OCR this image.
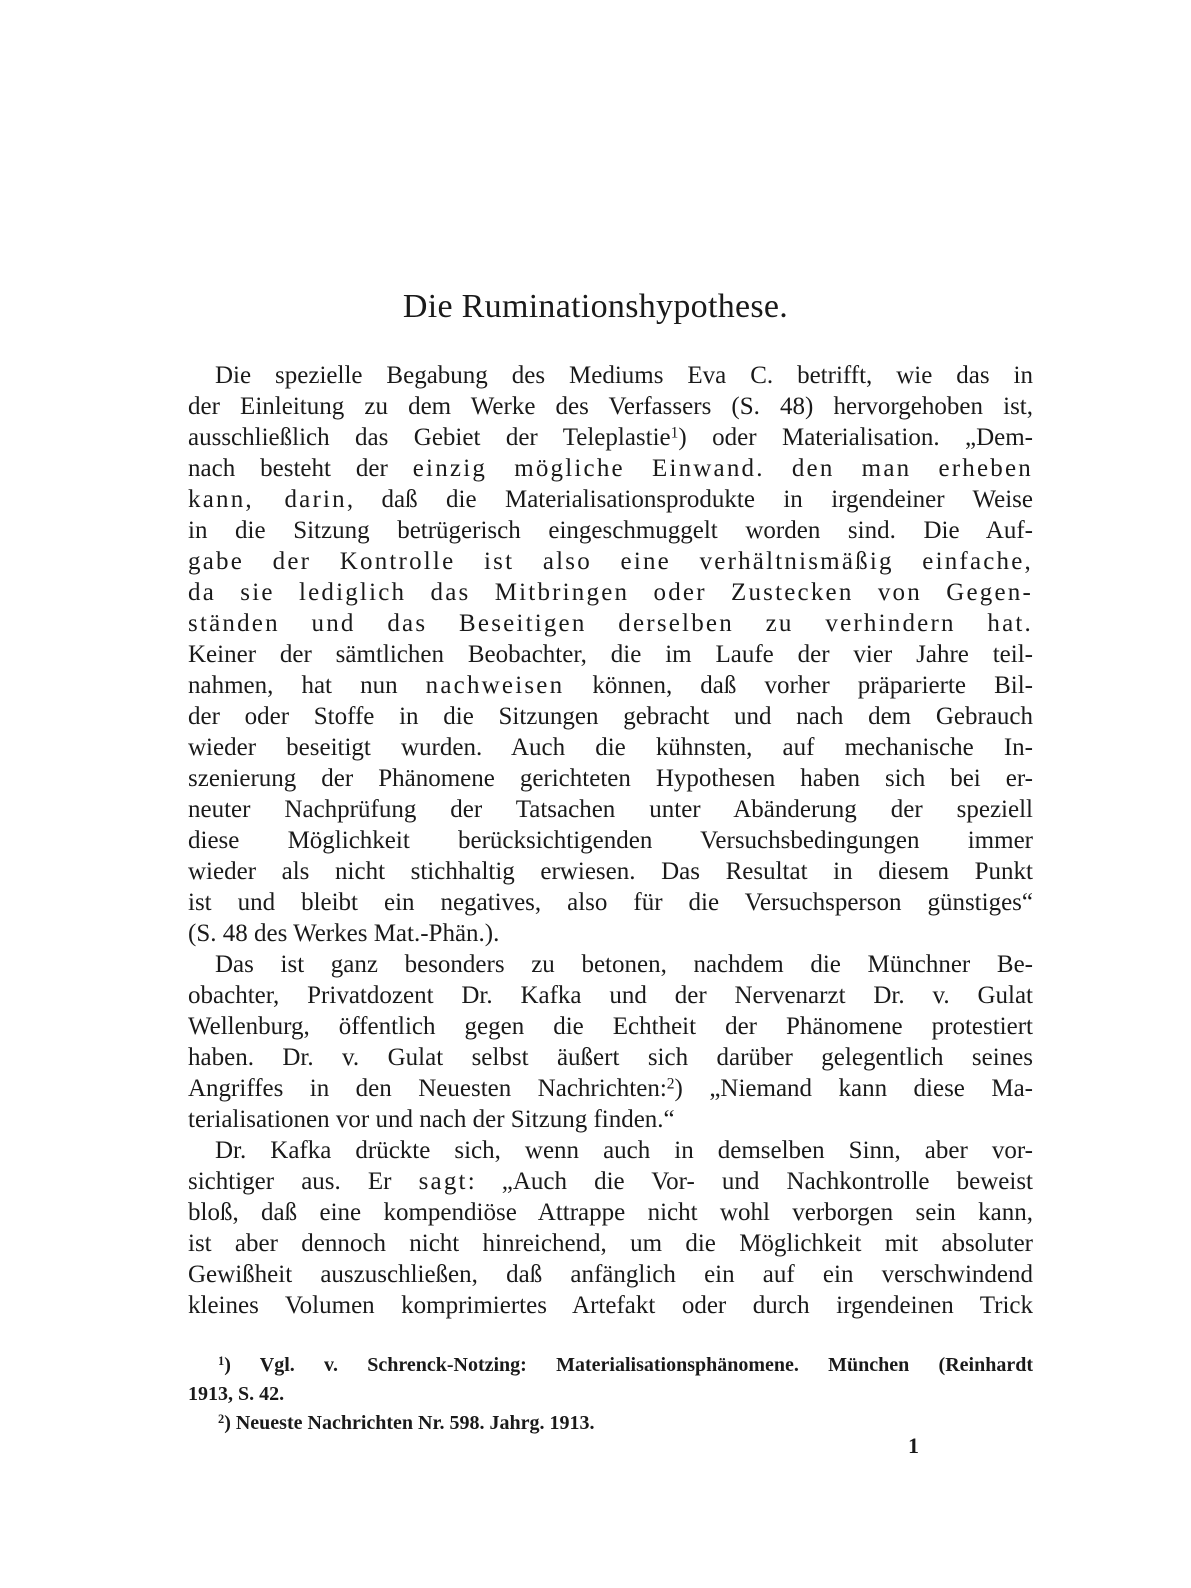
Die Ruminationshypothese.
Die spezielle Begabung des Mediums Eva C. betrifft, wie das in
der Einleitung zu dem Werke des Verfassers (S. 48) hervorgehoben ist,
ausschließlich das Gebiet der Teleplastie$^1$) oder Materialisation. „Dem-
nach besteht der einzig mögliche Einwand. den man erheben
kann, darin, daß die Materialisationsprodukte in irgendeiner Weise
in die Sitzung betrügerisch eingeschmuggelt worden sind. Die Auf-
gabe der Kontrolle ist also eine verhältnismäßig einfache,
da sie lediglich das Mitbringen oder Zustecken von Gegen-
ständen und das Beseitigen derselben zu verhindern hat.
Keiner der sämtlichen Beobachter, die im Laufe der vier Jahre teil-
nahmen, hat nun nachweisen können, daß vorher präparierte Bil-
der oder Stoffe in die Sitzungen gebracht und nach dem Gebrauch
wieder beseitigt wurden. Auch die kühnsten, auf mechanische In-
szenierung der Phänomene gerichteten Hypothesen haben sich bei er-
neuter Nachprüfung der Tatsachen unter Abänderung der speziell
diese Möglichkeit berücksichtigenden Versuchsbedingungen immer
wieder als nicht stichhaltig erwiesen. Das Resultat in diesem Punkt
ist und bleibt ein negatives, also für die Versuchsperson günstiges“
(S. 48 des Werkes Mat.-Phän.).
Das ist ganz besonders zu betonen, nachdem die Münchner Be-
obachter, Privatdozent Dr. Kafka und der Nervenarzt Dr. v. Gulat
Wellenburg, öffentlich gegen die Echtheit der Phänomene protestiert
haben. Dr. v. Gulat selbst äußert sich darüber gelegentlich seines
Angriffes in den Neuesten Nachrichten:$^2$) „Niemand kann diese Ma-
terialisationen vor und nach der Sitzung finden.“
Dr. Kafka drückte sich, wenn auch in demselben Sinn, aber vor-
sichtiger aus. Er sagt: „Auch die Vor- und Nachkontrolle beweist
bloß, daß eine kompendiöse Attrappe nicht wohl verborgen sein kann,
ist aber dennoch nicht hinreichend, um die Möglichkeit mit absoluter
Gewißheit auszuschließen, daß anfänglich ein auf ein verschwindend
kleines Volumen komprimiertes Artefakt oder durch irgendeinen Trick
$^1$) Vgl. v. Schrenck-Notzing: Materialisationsphänomene. München (Reinhardt
1913, S. 42.
$^2$) Neueste Nachrichten Nr. 598. Jahrg. 1913.
1
